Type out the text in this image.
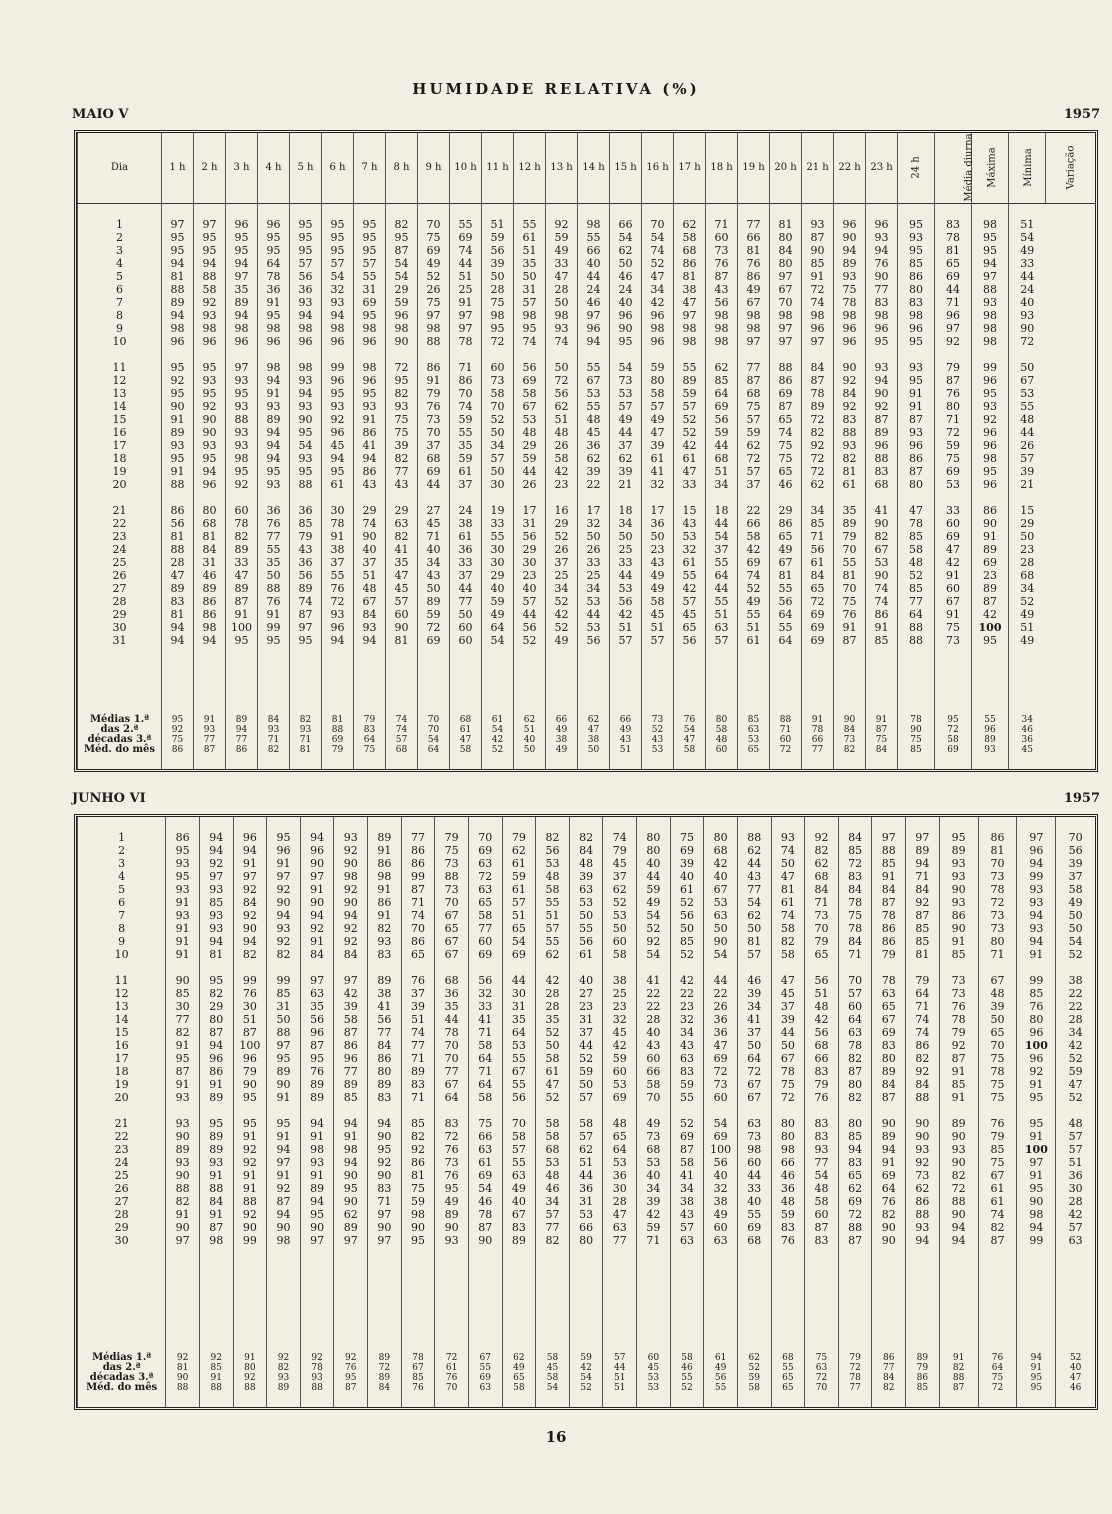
HUMIDADE RELATIVA (%)
MAIO V	1957
Dia	1 h	2 h	3 h	4 h	5 h	6 h	7 h	8 h	9 h	10 h	11 h	12 h	13 h	14 h	15 h	16 h	17 h	18 h	19 h	20 h	21 h	22 h	23 h	24 h	Média diurna	Máxima	Mínima	Variação

1	97	97	96	96	95	95	95	82	70	55	51	55	92	98	66	70	62	71	77	81	93	96	96	95	83	98	51	
2	95	95	95	95	95	95	95	95	75	69	59	61	59	55	54	54	58	60	66	80	87	90	93	93	78	95	54	
3	95	95	95	95	95	95	95	87	69	74	56	51	49	66	62	74	68	73	81	84	90	94	94	95	81	95	49	
4	94	94	94	64	57	57	57	54	49	44	39	35	33	40	50	52	86	76	76	80	85	89	76	85	65	94	33	
5	81	88	97	78	56	54	55	54	52	51	50	50	47	44	46	47	81	87	86	97	91	93	90	86	69	97	44	
6	88	58	35	36	36	32	31	29	26	25	28	31	28	24	24	34	38	43	49	67	72	75	77	80	44	88	24	
7	89	92	89	91	93	93	69	59	75	91	75	57	50	46	40	42	47	56	67	70	74	78	83	83	71	93	40	
8	94	93	94	95	94	94	95	96	97	97	98	98	98	97	96	96	97	98	98	98	98	98	98	98	96	98	93	
9	98	98	98	98	98	98	98	98	98	97	95	95	93	96	90	98	98	98	98	97	96	96	96	96	97	98	90	
10	96	96	96	96	96	96	96	90	88	78	72	74	74	94	95	96	98	98	97	97	97	96	95	95	92	98	72	

11	95	95	97	98	98	99	98	72	86	71	60	56	50	55	54	59	55	62	77	88	84	90	93	93	79	99	50	
12	92	93	93	94	93	96	96	95	91	86	73	69	72	67	73	80	89	85	87	86	87	92	94	95	87	96	67	
13	95	95	95	91	94	95	95	82	79	70	58	58	56	53	53	58	59	64	68	69	78	84	90	91	76	95	53	
14	90	92	93	93	93	93	93	93	76	74	70	67	62	55	57	57	57	69	75	87	89	92	92	91	80	93	55	
15	91	90	88	89	90	92	91	75	73	59	52	53	51	48	49	49	52	56	57	65	72	83	87	87	71	92	48	
16	89	90	93	94	95	96	86	75	70	55	50	48	48	45	44	47	52	59	59	74	82	88	89	93	72	96	44	
17	93	93	93	94	54	45	41	39	37	35	34	29	26	36	37	39	42	44	62	75	92	93	96	96	59	96	26	
18	95	95	98	94	93	94	94	82	68	59	57	59	58	62	62	61	61	68	72	75	72	82	88	86	75	98	57	
19	91	94	95	95	95	95	86	77	69	61	50	44	42	39	39	41	47	51	57	65	72	81	83	87	69	95	39	
20	88	96	92	93	88	61	43	43	44	37	30	26	23	22	21	32	33	34	37	46	62	61	68	80	53	96	21	

21	86	80	60	36	36	30	29	29	27	24	19	17	16	17	18	17	15	18	22	29	34	35	41	47	33	86	15	
22	56	68	78	76	85	78	74	63	45	38	33	31	29	32	34	36	43	44	66	86	85	89	90	78	60	90	29	
23	81	81	82	77	79	91	90	82	71	61	55	56	52	50	50	50	53	54	58	65	71	79	82	85	69	91	50	
24	88	84	89	55	43	38	40	41	40	36	30	29	26	26	25	23	32	37	42	49	56	70	67	58	47	89	23	
25	28	31	33	35	36	37	37	35	34	33	30	30	37	33	33	43	61	55	69	67	61	55	53	48	42	69	28	
26	47	46	47	50	56	55	51	47	43	37	29	23	25	25	44	49	55	64	74	81	84	81	90	52	91	23	68	
27	89	89	89	88	89	76	48	45	50	44	40	40	34	34	53	49	42	44	52	55	65	70	74	85	60	89	34	
28	83	86	87	76	74	72	67	57	89	77	59	57	52	53	56	58	57	55	49	56	72	75	74	77	67	87	52	
29	81	86	91	91	87	93	84	60	59	50	49	44	42	44	42	45	45	51	55	64	69	76	86	64	91	42	49	
30	94	98	100	99	97	96	93	90	72	60	64	56	52	53	51	51	65	63	51	55	69	91	91	88	75	100	51	
31	94	94	95	95	95	94	94	81	69	60	54	52	49	56	57	57	56	57	61	64	69	87	85	88	73	95	49	

Médias 1.ª	95	91	89	84	82	81	79	74	70	68	61	62	66	62	66	73	76	80	85	88	91	90	91	78	95	55	34	
das 2.ª	92	93	94	93	93	88	83	74	70	61	54	51	49	47	49	52	54	58	63	71	78	84	87	90	72	96	46	
décadas 3.ª	75	77	77	71	71	69	64	57	54	47	42	40	38	38	43	43	47	48	53	60	66	73	75	75	58	89	36	
Méd. do mês	86	87	86	82	81	79	75	68	64	58	52	50	49	50	51	53	58	60	65	72	77	82	84	85	69	93	45	

JUNHO VI	1957

1	86	94	96	95	94	93	89	77	79	70	79	82	82	74	80	75	80	88	93	92	84	97	97	95	86	97	70
2	95	94	94	96	96	92	91	86	75	69	62	56	84	79	80	69	68	62	74	82	85	88	89	89	81	96	56
3	93	92	91	91	90	90	86	86	73	63	61	53	48	45	40	39	42	44	50	62	72	85	94	93	70	94	39
4	95	97	97	97	97	98	98	99	88	72	59	48	39	37	44	40	40	43	47	68	83	91	71	93	73	99	37
5	93	93	92	92	91	92	91	87	73	63	61	58	63	62	59	61	67	77	81	84	84	84	84	90	78	93	58
6	91	85	84	90	90	90	86	71	70	65	57	55	53	52	49	52	53	54	61	71	78	87	92	93	72	93	49
7	93	93	92	94	94	94	91	74	67	58	51	51	50	53	54	56	63	62	74	73	75	78	87	86	73	94	50
8	91	93	90	93	92	92	82	70	65	77	65	57	55	50	52	50	50	50	58	70	78	86	85	90	73	93	50
9	91	94	94	92	91	92	93	86	67	60	54	55	56	60	92	85	90	81	82	79	84	86	85	91	80	94	54
10	91	81	82	82	84	84	83	65	67	69	69	62	61	58	54	52	54	57	58	65	71	79	81	85	71	91	52

11	90	95	99	99	97	97	89	76	68	56	44	42	40	38	41	42	44	46	47	56	70	78	79	73	67	99	38
12	85	82	76	85	63	42	38	37	36	32	30	28	27	25	22	22	22	39	45	51	57	63	64	73	48	85	22
13	30	29	30	31	35	39	41	39	35	33	31	28	23	23	22	23	26	34	37	48	60	65	71	76	39	76	22
14	77	80	51	50	56	58	56	51	44	41	35	35	31	32	28	32	36	41	39	42	64	67	74	78	50	80	28
15	82	87	87	88	96	87	77	74	78	71	64	52	37	45	40	34	36	37	44	56	63	69	74	79	65	96	34
16	91	94	100	97	87	86	84	77	70	58	53	50	44	42	43	43	47	50	50	68	78	83	86	92	70	100	42
17	95	96	96	95	95	96	86	71	70	64	55	58	52	59	60	63	69	64	67	66	82	80	82	87	75	96	52
18	87	86	79	89	76	77	80	89	77	71	67	61	59	60	66	83	72	72	78	83	87	89	92	91	78	92	59
19	91	91	90	90	89	89	89	83	67	64	55	47	50	53	58	59	73	67	75	79	80	84	84	85	75	91	47
20	93	89	95	91	89	85	83	71	64	58	56	52	57	69	70	55	60	67	72	76	82	87	88	91	75	95	52

21	93	95	95	95	94	94	94	85	83	75	70	58	58	48	49	52	54	63	80	83	80	90	90	89	76	95	48
22	90	89	91	91	91	91	90	82	72	66	58	58	57	65	73	69	69	73	80	83	85	89	90	90	79	91	57
23	89	89	92	94	98	98	95	92	76	63	57	68	62	64	68	87	100	98	98	93	94	94	93	93	85	100	57
24	93	93	92	97	93	94	92	86	73	61	55	53	51	53	53	58	56	60	66	77	83	91	92	90	75	97	51
25	90	91	91	91	91	90	90	81	76	69	63	48	44	36	40	41	40	44	46	54	65	69	73	82	67	91	36
26	88	88	91	92	89	95	83	75	95	54	49	46	36	30	34	34	32	33	36	48	62	64	62	72	61	95	30
27	82	84	88	87	94	90	71	59	49	46	40	34	31	28	39	38	38	40	48	58	69	76	86	88	61	90	28
28	91	91	92	94	95	62	97	98	89	78	67	57	53	47	42	43	49	55	59	60	72	82	88	90	74	98	42
29	90	87	90	90	90	89	90	90	90	87	83	77	66	63	59	57	60	69	83	87	88	90	93	94	82	94	57
30	97	98	99	98	97	97	97	95	93	90	89	82	80	77	71	63	63	68	76	83	87	90	94	94	87	99	63

Médias 1.ª	92	92	91	92	92	92	89	78	72	67	62	58	59	57	60	58	61	62	68	75	79	86	89	91	76	94	52
das 2.ª	81	85	80	82	78	76	72	67	61	55	49	45	42	44	45	46	49	52	55	63	72	77	79	82	64	91	40
décadas 3.ª	90	91	92	93	93	95	89	85	76	69	65	58	54	51	53	55	56	59	65	72	78	84	86	88	75	95	47
Méd. do mês	88	88	88	89	88	87	84	76	70	63	58	54	52	51	53	52	55	58	65	70	77	82	85	87	72	95	46

16
